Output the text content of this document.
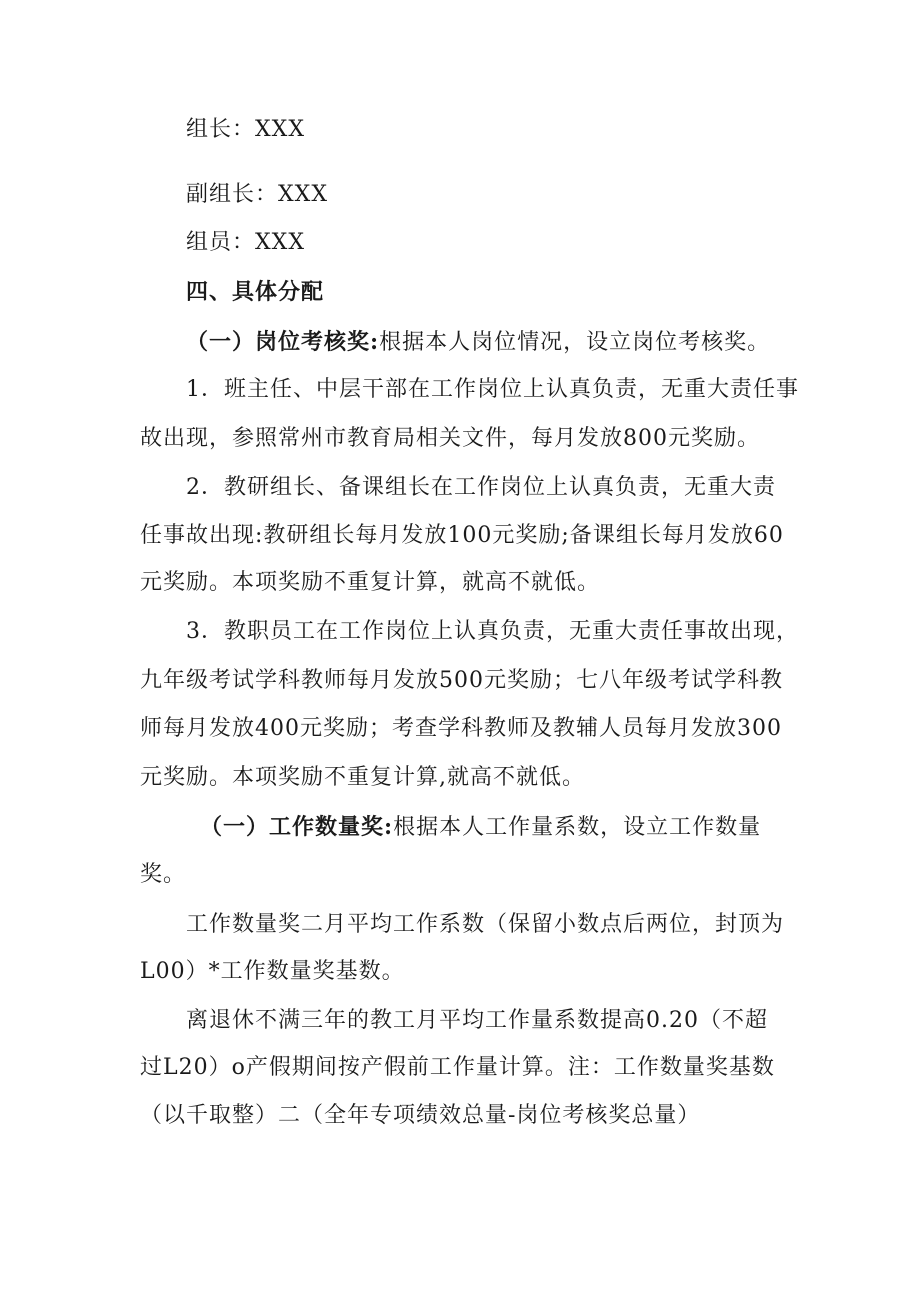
组长：XXX
副组长：XXX
组员：XXX
四、具体分配
（一）岗位考核奖:根据本人岗位情况，设立岗位考核奖。
1．班主任、中层干部在工作岗位上认真负责，无重大责任事
故出现，参照常州市教育局相关文件，每月发放800元奖励。
2．教研组长、备课组长在工作岗位上认真负责，无重大责
任事故出现:教研组长每月发放100元奖励;备课组长每月发放60
元奖励。本项奖励不重复计算，就高不就低。
3．教职员工在工作岗位上认真负责，无重大责任事故出现，
九年级考试学科教师每月发放500元奖励；七八年级考试学科教
师每月发放400元奖励；考查学科教师及教辅人员每月发放300
元奖励。本项奖励不重复计算,就高不就低。
（一）工作数量奖:根据本人工作量系数，设立工作数量
奖。
工作数量奖二月平均工作系数（保留小数点后两位，封顶为
L00）*工作数量奖基数。
离退休不满三年的教工月平均工作量系数提高0.20（不超
过L20）o产假期间按产假前工作量计算。注：工作数量奖基数
（以千取整）二（全年专项绩效总量-岗位考核奖总量）
